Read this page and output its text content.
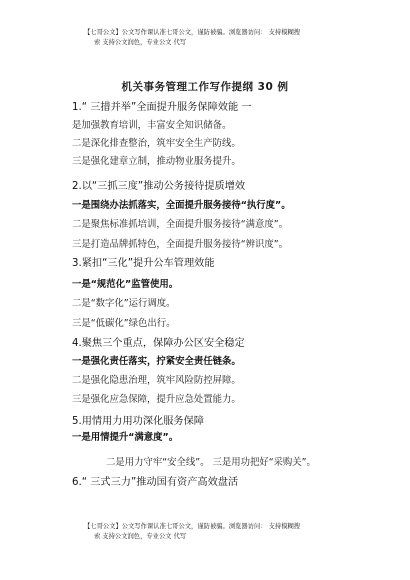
【七哥公文】公文写作课认准七哥公文，谨防被骗。浏览器访问： 支持模糊搜
索 支持公文润色，专业公文 代写
机关事务管理工作写作提纲 30 例
1.“ 三措并举”全面提升服务保障效能 一
是加强教育培训，丰富安全知识储备。
二是深化排查整治，筑牢安全生产防线。
三是强化建章立制，推动物业服务提升。
2.以“三抓三度”推动公务接待提质增效
一是围绕办法抓落实，全面提升服务接待“执行度”。
二是聚焦标准抓培训，全面提升服务接待“满意度”。
三是打造品牌抓特色，全面提升服务接待“辨识度”。
3.紧扣“三化”提升公车管理效能
一是“规范化”监管使用。
二是“数字化”运行调度。
三是“低碳化”绿色出行。
4.聚焦三个重点，保障办公区安全稳定
一是强化责任落实，拧紧安全责任链条。
二是强化隐患治理，筑牢风险防控屏障。
三是强化应急保障，提升应急处置能力。
5.用情用力用功深化服务保障
一是用情提升“满意度”。
二是用力守牢“安全线”。 三是用功把好“采购关”。
6.“ 三式三力”推动国有资产高效盘活
【七哥公文】公文写作课认准七哥公文，谨防被骗。浏览器访问： 支持模糊搜
索 支持公文润色，专业公文 代写
